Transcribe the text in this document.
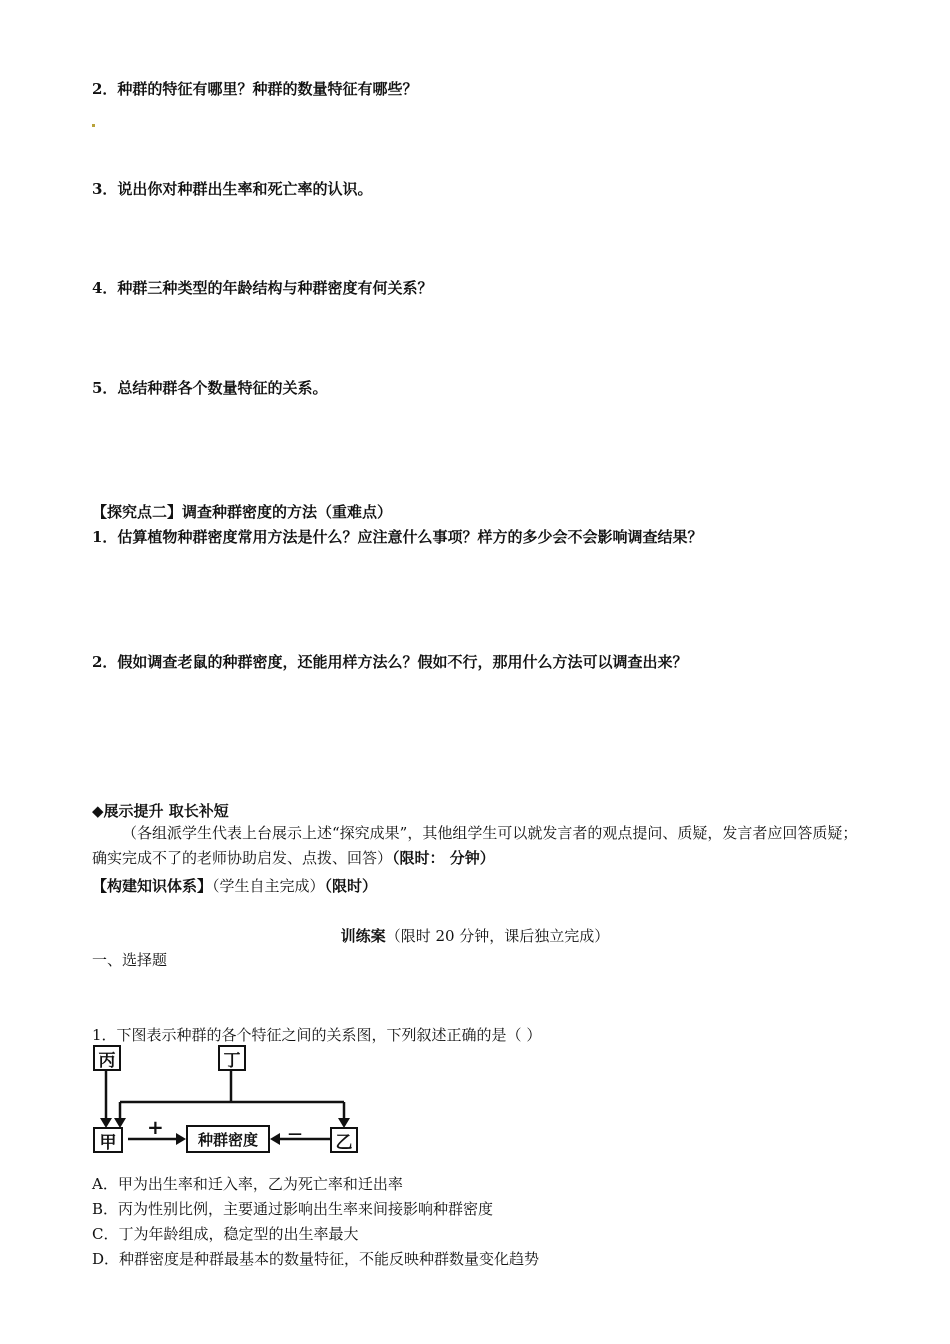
2．种群的特征有哪里？种群的数量特征有哪些？
3．说出你对种群出生率和死亡率的认识。
4．种群三种类型的年龄结构与种群密度有何关系？
5．总结种群各个数量特征的关系。
【探究点二】调查种群密度的方法（重难点）
1．估算植物种群密度常用方法是什么？应注意什么事项？样方的多少会不会影响调查结果？
2．假如调查老鼠的种群密度，还能用样方法么？假如不行，那用什么方法可以调查出来？
◆展示提升 取长补短
（各组派学生代表上台展示上述“探究成果”，其他组学生可以就发言者的观点提问、质疑，发言者应回答质疑；确实完成不了的老师协助启发、点拨、回答）（限时： 分钟）
【构建知识体系】（学生自主完成）（限时）
训练案（限时 20 分钟，课后独立完成）
一、选择题
1．下图表示种群的各个特征之间的关系图，下列叙述正确的是（ ）
+	—
丙	丁
甲	种群密度	乙
A．甲为出生率和迁入率，乙为死亡率和迁出率
B．丙为性别比例，主要通过影响出生率来间接影响种群密度
C．丁为年龄组成，稳定型的出生率最大
D．种群密度是种群最基本的数量特征，不能反映种群数量变化趋势
